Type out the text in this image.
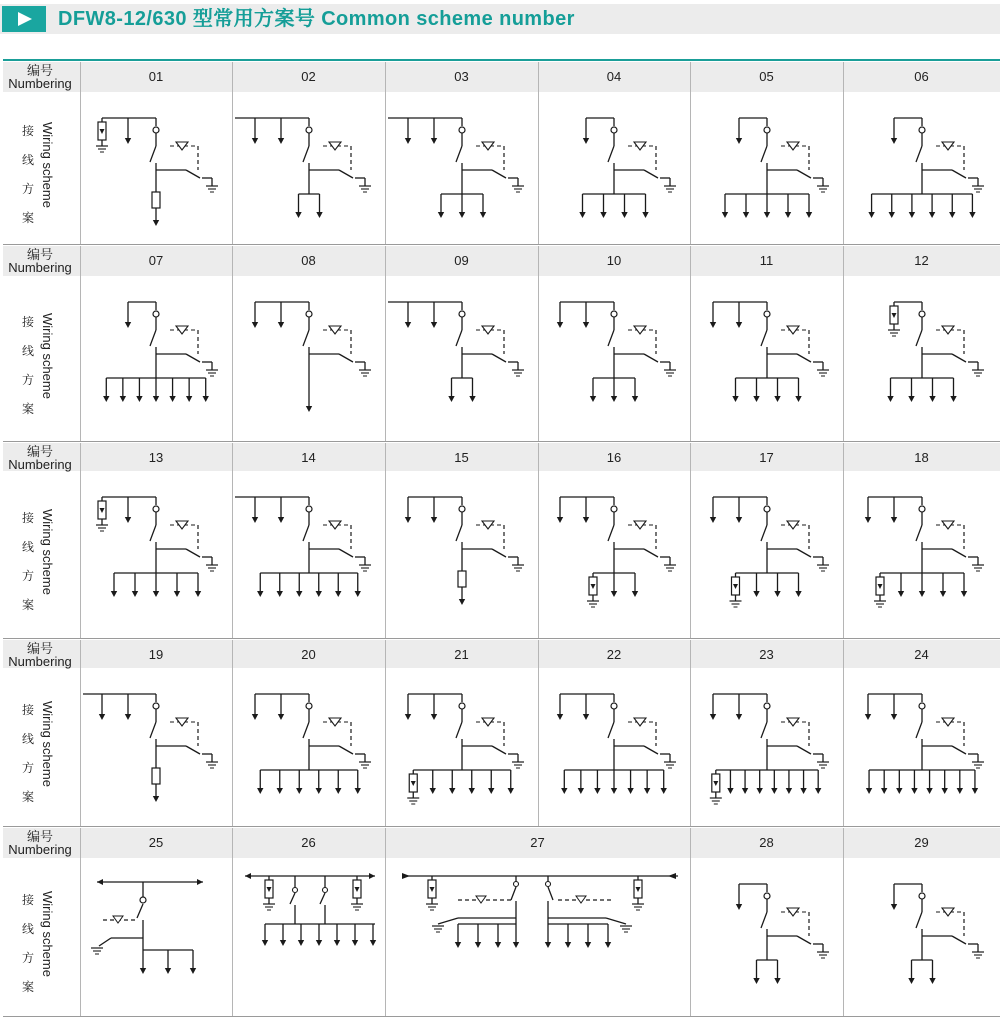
DFW8-12/630 型常用方案号 Common scheme number
编号
Numbering
接
线
方
案
Wiring scheme
01	02	03	04	05	06
编号
Numbering
接
线
方
案
Wiring scheme
07	08	09	10	11	12
编号
Numbering
接
线
方
案
Wiring scheme
13	14	15	16	17	18
编号
Numbering
接
线
方
案
Wiring scheme
19	20	21	22	23	24
编号
Numbering
接
线
方
案
Wiring scheme
25	26	27	28	29
